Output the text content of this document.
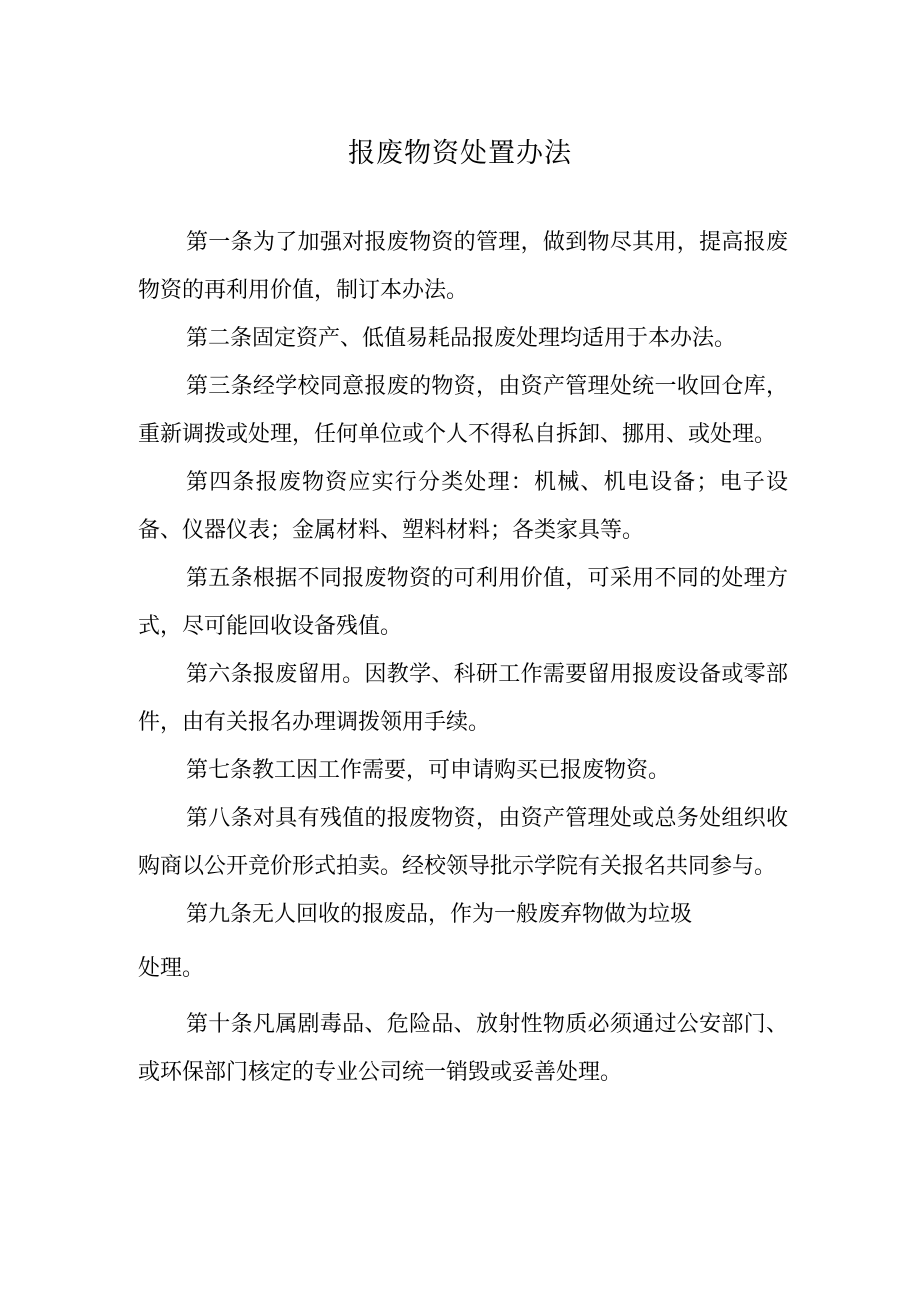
报废物资处置办法

第一条为了加强对报废物资的管理，做到物尽其用，提高报废物资的再利用价值，制订本办法。

第二条固定资产、低值易耗品报废处理均适用于本办法。

第三条经学校同意报废的物资，由资产管理处统一收回仓库，重新调拨或处理，任何单位或个人不得私自拆卸、挪用、或处理。

第四条报废物资应实行分类处理：机械、机电设备；电子设备、仪器仪表；金属材料、塑料材料；各类家具等。

第五条根据不同报废物资的可利用价值，可采用不同的处理方式，尽可能回收设备残值。

第六条报废留用。因教学、科研工作需要留用报废设备或零部件，由有关报名办理调拨领用手续。

第七条教工因工作需要，可申请购买已报废物资。

第八条对具有残值的报废物资，由资产管理处或总务处组织收购商以公开竞价形式拍卖。经校领导批示学院有关报名共同参与。

第九条无人回收的报废品，作为一般废弃物做为垃圾

处理。

第十条凡属剧毒品、危险品、放射性物质必须通过公安部门、或环保部门核定的专业公司统一销毁或妥善处理。
